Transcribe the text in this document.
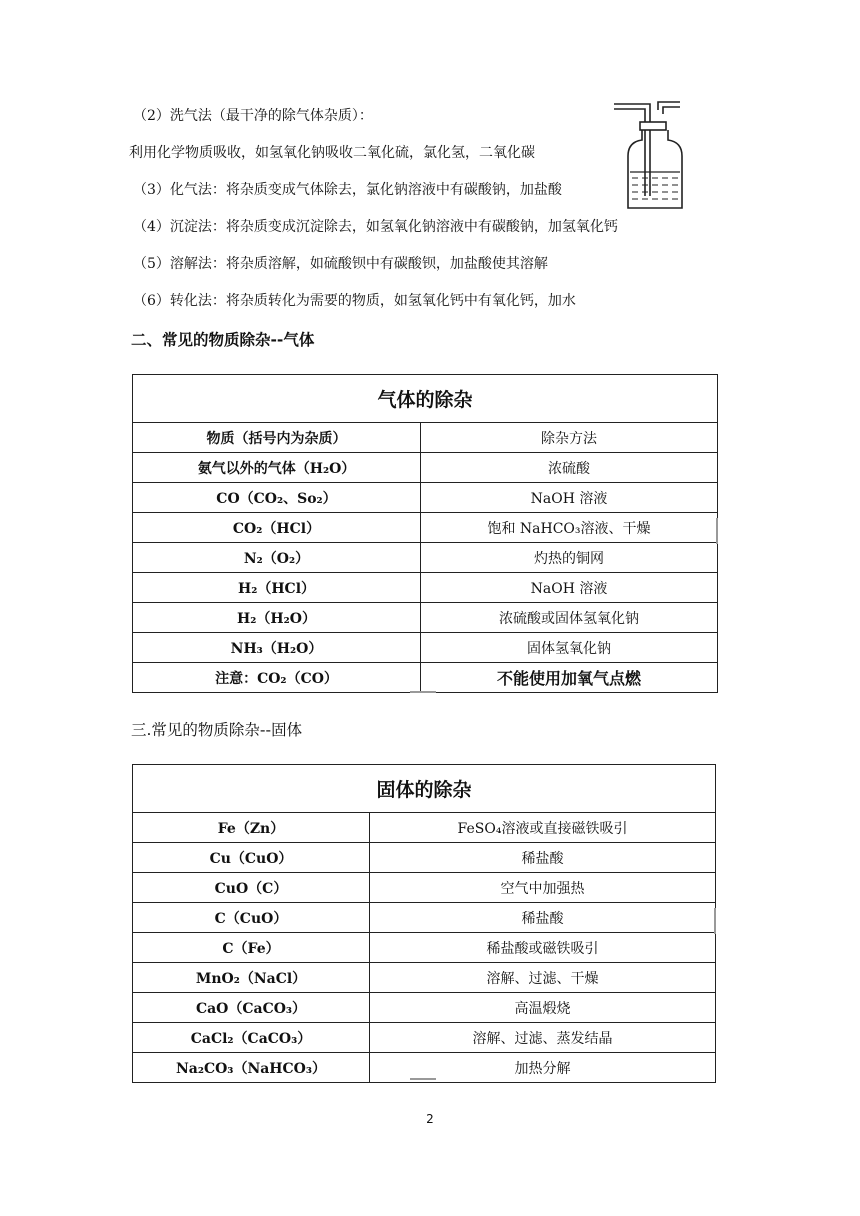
（2）洗气法（最干净的除气体杂质）：
利用化学物质吸收，如氢氧化钠吸收二氧化硫，氯化氢，二氧化碳
（3）化气法：将杂质变成气体除去，氯化钠溶液中有碳酸钠，加盐酸
（4）沉淀法：将杂质变成沉淀除去，如氢氧化钠溶液中有碳酸钠，加氢氧化钙
（5）溶解法：将杂质溶解，如硫酸钡中有碳酸钡，加盐酸使其溶解
（6）转化法：将杂质转化为需要的物质，如氢氧化钙中有氧化钙，加水
二、常见的物质除杂--气体
气体的除杂	
物质（括号内为杂质）	除杂方法
氨气以外的气体（H₂O）	浓硫酸
CO（CO₂、So₂）	NaOH 溶液
CO₂（HCl）	饱和 NaHCO₃溶液、干燥
N₂（O₂）	灼热的铜网
H₂（HCl）	NaOH 溶液
H₂（H₂O）	浓硫酸或固体氢氧化钠
NH₃（H₂O）	固体氢氧化钠
注意：CO₂（CO）	不能使用加氧气点燃
三.常见的物质除杂--固体
固体的除杂	
Fe（Zn）	FeSO₄溶液或直接磁铁吸引
Cu（CuO）	稀盐酸
CuO（C）	空气中加强热
C（CuO）	稀盐酸
C（Fe）	稀盐酸或磁铁吸引
MnO₂（NaCl）	溶解、过滤、干燥
CaO（CaCO₃）	高温煅烧
CaCl₂（CaCO₃）	溶解、过滤、蒸发结晶
Na₂CO₃（NaHCO₃）	加热分解
2
